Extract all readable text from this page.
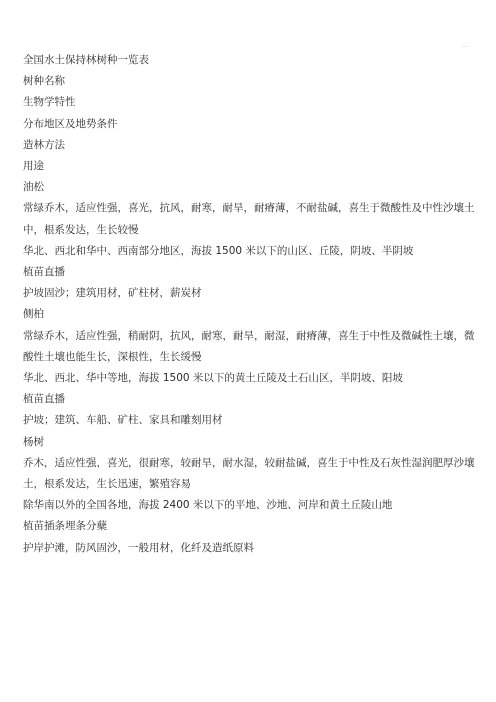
..

全国水土保持林树种一览表

树种名称

生物学特性

分布地区及地势条件

造林方法

用途

油松

常绿乔木，适应性强，喜光，抗风，耐寒，耐旱，耐瘠薄，不耐盐碱，喜生于微酸性及中性沙壤土中，根系发达，生长较慢

华北、西北和华中、西南部分地区，海拔 1500 米以下的山区、丘陵，阴坡、半阴坡

植苗直播

护坡固沙；建筑用材，矿柱材，薪炭材

侧柏

常绿乔木，适应性强，稍耐阴，抗风，耐寒，耐旱，耐湿，耐瘠薄，喜生于中性及微碱性土壤，微酸性土壤也能生长，深根性，生长缓慢

华北、西北、华中等地，海拔 1500 米以下的黄土丘陵及土石山区，半阴坡、阳坡

植苗直播

护坡；建筑、车船、矿柱、家具和雕刻用材

杨树

乔木，适应性强，喜光，很耐寒，较耐旱，耐水湿，较耐盐碱，喜生于中性及石灰性湿润肥厚沙壤土，根系发达，生长迅速，繁殖容易

除华南以外的全国各地，海拔 2400 米以下的平地、沙地、河岸和黄土丘陵山地

植苗插条埋条分蘖

护岸护滩，防风固沙，一般用材，化纤及造纸原料
